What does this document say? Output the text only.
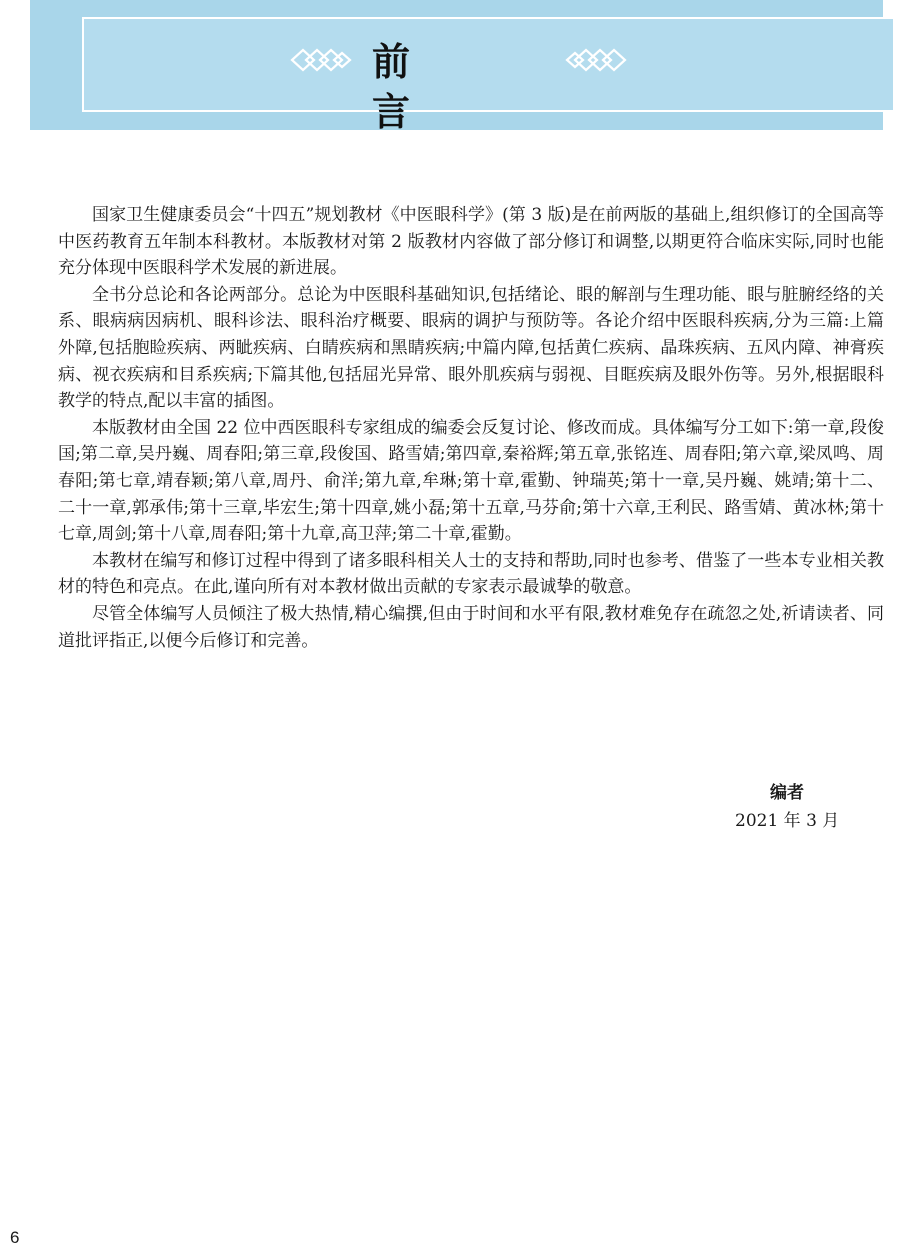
前 言

国家卫生健康委员会“十四五”规划教材《中医眼科学》(第 3 版)是在前两版的基础上,组织修订的全国高等中医药教育五年制本科教材。本版教材对第 2 版教材内容做了部分修订和调整,以期更符合临床实际,同时也能充分体现中医眼科学术发展的新进展。

全书分总论和各论两部分。总论为中医眼科基础知识,包括绪论、眼的解剖与生理功能、眼与脏腑经络的关系、眼病病因病机、眼科诊法、眼科治疗概要、眼病的调护与预防等。各论介绍中医眼科疾病,分为三篇:上篇外障,包括胞睑疾病、两眦疾病、白睛疾病和黑睛疾病;中篇内障,包括黄仁疾病、晶珠疾病、五风内障、神膏疾病、视衣疾病和目系疾病;下篇其他,包括屈光异常、眼外肌疾病与弱视、目眶疾病及眼外伤等。另外,根据眼科教学的特点,配以丰富的插图。

本版教材由全国 22 位中西医眼科专家组成的编委会反复讨论、修改而成。具体编写分工如下:第一章,段俊国;第二章,吴丹巍、周春阳;第三章,段俊国、路雪婧;第四章,秦裕辉;第五章,张铭连、周春阳;第六章,梁凤鸣、周春阳;第七章,靖春颖;第八章,周丹、俞洋;第九章,牟琳;第十章,霍勤、钟瑞英;第十一章,吴丹巍、姚靖;第十二、二十一章,郭承伟;第十三章,毕宏生;第十四章,姚小磊;第十五章,马芬俞;第十六章,王利民、路雪婧、黄冰林;第十七章,周剑;第十八章,周春阳;第十九章,高卫萍;第二十章,霍勤。

本教材在编写和修订过程中得到了诸多眼科相关人士的支持和帮助,同时也参考、借鉴了一些本专业相关教材的特色和亮点。在此,谨向所有对本教材做出贡献的专家表示最诚挚的敬意。

尽管全体编写人员倾注了极大热情,精心编撰,但由于时间和水平有限,教材难免存在疏忽之处,祈请读者、同道批评指正,以便今后修订和完善。

编者
2021 年 3 月
6
